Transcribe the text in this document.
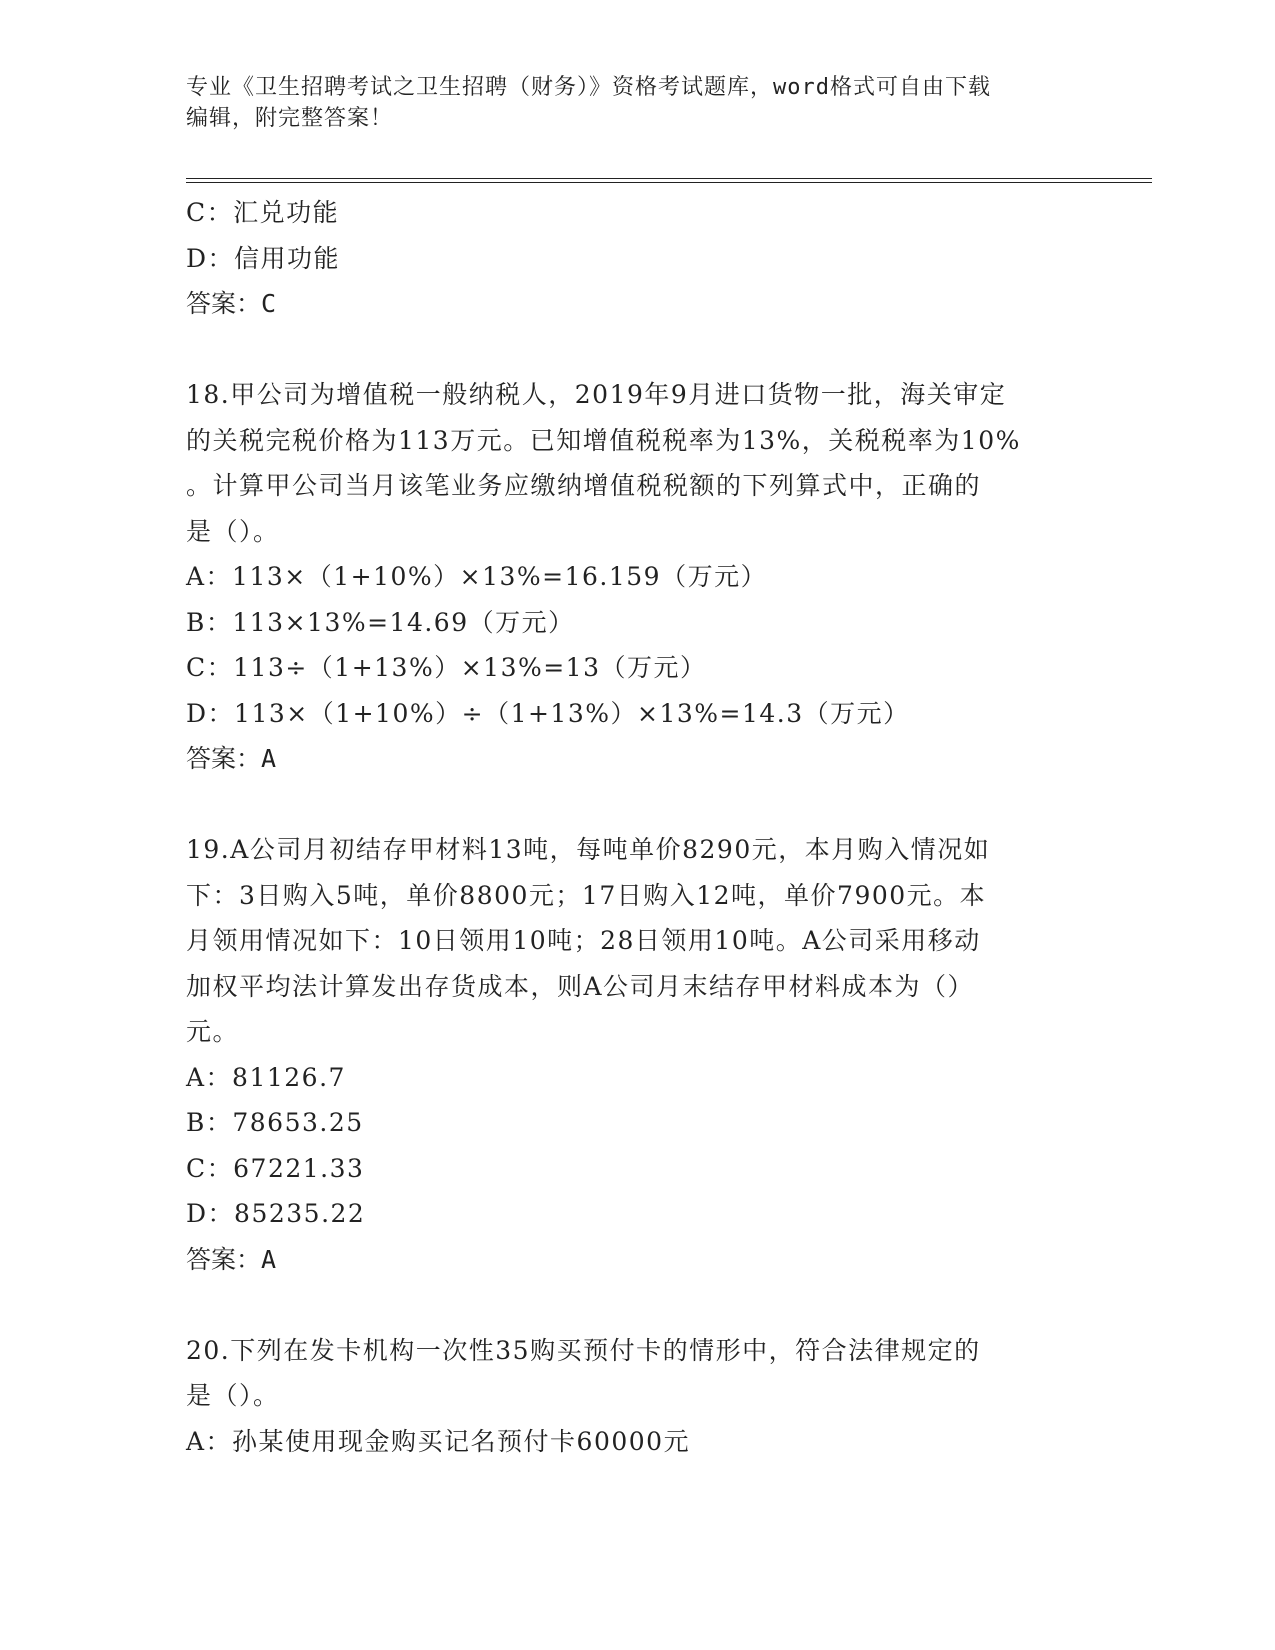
专业《卫生招聘考试之卫生招聘（财务）》资格考试题库，word格式可自由下载
编辑，附完整答案！
C：汇兑功能
D：信用功能
答案：C
18.甲公司为增值税一般纳税人，2019年9月进口货物一批，海关审定
的关税完税价格为113万元。已知增值税税率为13%，关税税率为10%
。计算甲公司当月该笔业务应缴纳增值税税额的下列算式中，正确的
是（）。
A：113×（1+10%）×13%=16.159（万元）
B：113×13%=14.69（万元）
C：113÷（1+13%）×13%=13（万元）
D：113×（1+10%）÷（1+13%）×13%=14.3（万元）
答案：A
19.A公司月初结存甲材料13吨，每吨单价8290元，本月购入情况如
下：3日购入5吨，单价8800元；17日购入12吨，单价7900元。本
月领用情况如下：10日领用10吨；28日领用10吨。A公司采用移动
加权平均法计算发出存货成本，则A公司月末结存甲材料成本为（）
元。
A：81126.7
B：78653.25
C：67221.33
D：85235.22
答案：A
20.下列在发卡机构一次性35购买预付卡的情形中，符合法律规定的
是（）。
A：孙某使用现金购买记名预付卡60000元
